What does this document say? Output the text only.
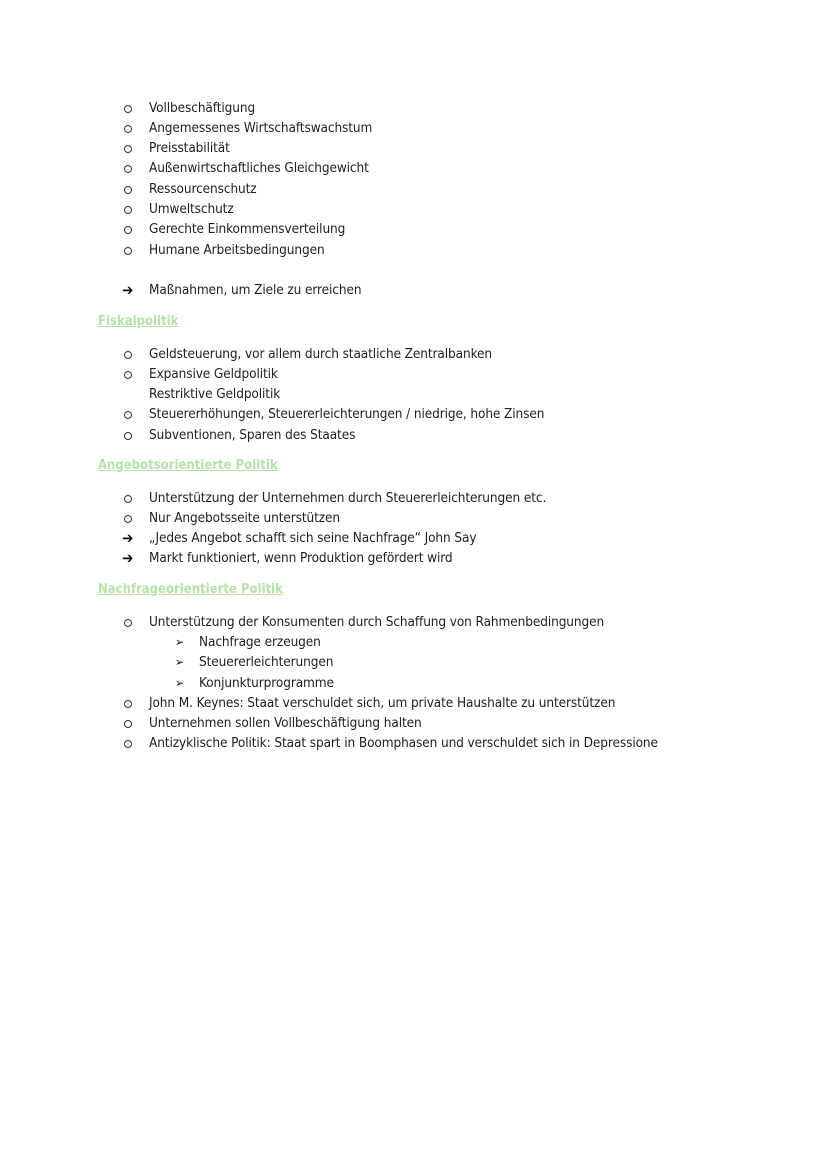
Vollbeschäftigung
Angemessenes Wirtschaftswachstum
Preisstabilität
Außenwirtschaftliches Gleichgewicht
Ressourcenschutz
Umweltschutz
Gerechte Einkommensverteilung
Humane Arbeitsbedingungen
➔ Maßnahmen, um Ziele zu erreichen
Fiskalpolitik
Geldsteuerung, vor allem durch staatliche Zentralbanken
Expansive Geldpolitik
Restriktive Geldpolitik
Steuererhöhungen, Steuererleichterungen / niedrige, hohe Zinsen
Subventionen, Sparen des Staates
Angebotsorientierte Politik
Unterstützung der Unternehmen durch Steuererleichterungen etc.
Nur Angebotsseite unterstützen
➔ „Jedes Angebot schafft sich seine Nachfrage“ John Say
➔ Markt funktioniert, wenn Produktion gefördert wird
Nachfrageorientierte Politik
Unterstützung der Konsumenten durch Schaffung von Rahmenbedingungen
➢	Nachfrage erzeugen
➢	Steuererleichterungen
➢	Konjunkturprogramme
John M. Keynes: Staat verschuldet sich, um private Haushalte zu unterstützen
Unternehmen sollen Vollbeschäftigung halten
Antizyklische Politik: Staat spart in Boomphasen und verschuldet sich in Depressione
